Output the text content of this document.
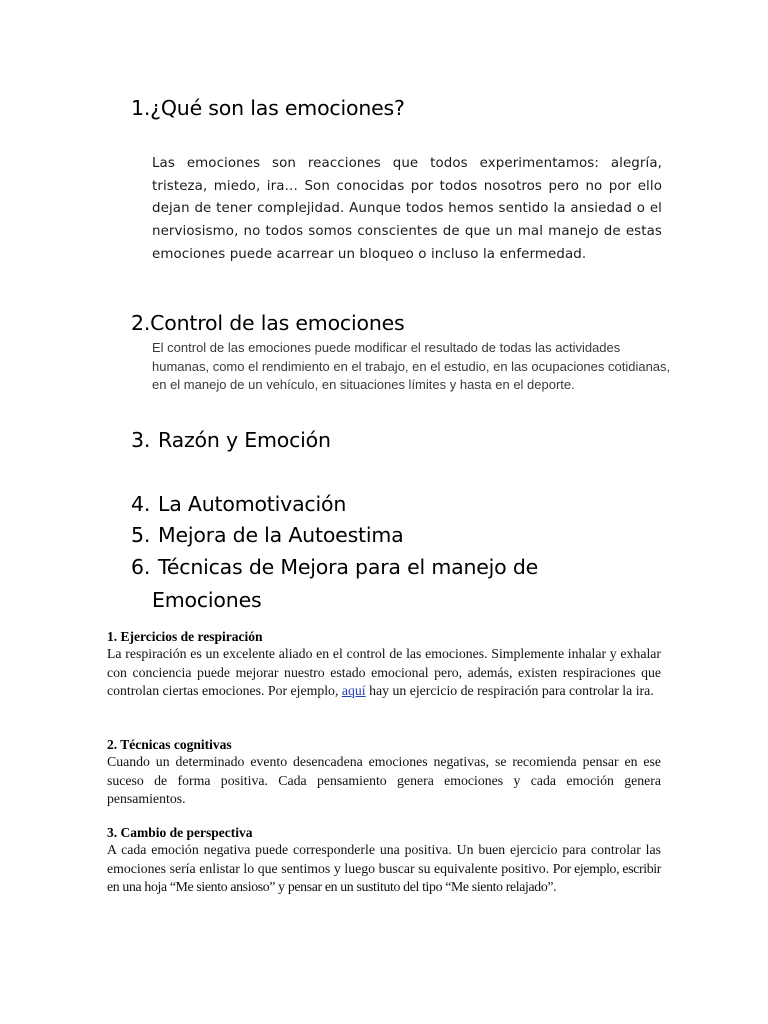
1.¿Qué son las emociones?
Las emociones son reacciones que todos experimentamos: alegría, tristeza, miedo, ira… Son conocidas por todos nosotros pero no por ello dejan de tener complejidad. Aunque todos hemos sentido la ansiedad o el nerviosismo, no todos somos conscientes de que un mal manejo de estas emociones puede acarrear un bloqueo o incluso la enfermedad.
2.Control de las emociones
El control de las emociones puede modificar el resultado de todas las actividades humanas, como el rendimiento en el trabajo, en el estudio, en las ocupaciones cotidianas, en el manejo de un vehículo, en situaciones límites y hasta en el deporte.
3. Razón y Emoción
4. La Automotivación
5. Mejora de la Autoestima
6. Técnicas de Mejora para el manejo de
Emociones
1. Ejercicios de respiración
La respiración es un excelente aliado en el control de las emociones. Simplemente inhalar y exhalar con conciencia puede mejorar nuestro estado emocional pero, además, existen respiraciones que controlan ciertas emociones. Por ejemplo, aquí hay un ejercicio de respiración para controlar la ira.
2. Técnicas cognitivas
Cuando un determinado evento desencadena emociones negativas, se recomienda pensar en ese suceso de forma positiva. Cada pensamiento genera emociones y cada emoción genera pensamientos.
3. Cambio de perspectiva
A cada emoción negativa puede corresponderle una positiva. Un buen ejercicio para controlar las emociones sería enlistar lo que sentimos y luego buscar su equivalente positivo. Por ejemplo, escribir en una hoja “Me siento ansioso” y pensar en un sustituto del tipo “Me siento relajado”.
